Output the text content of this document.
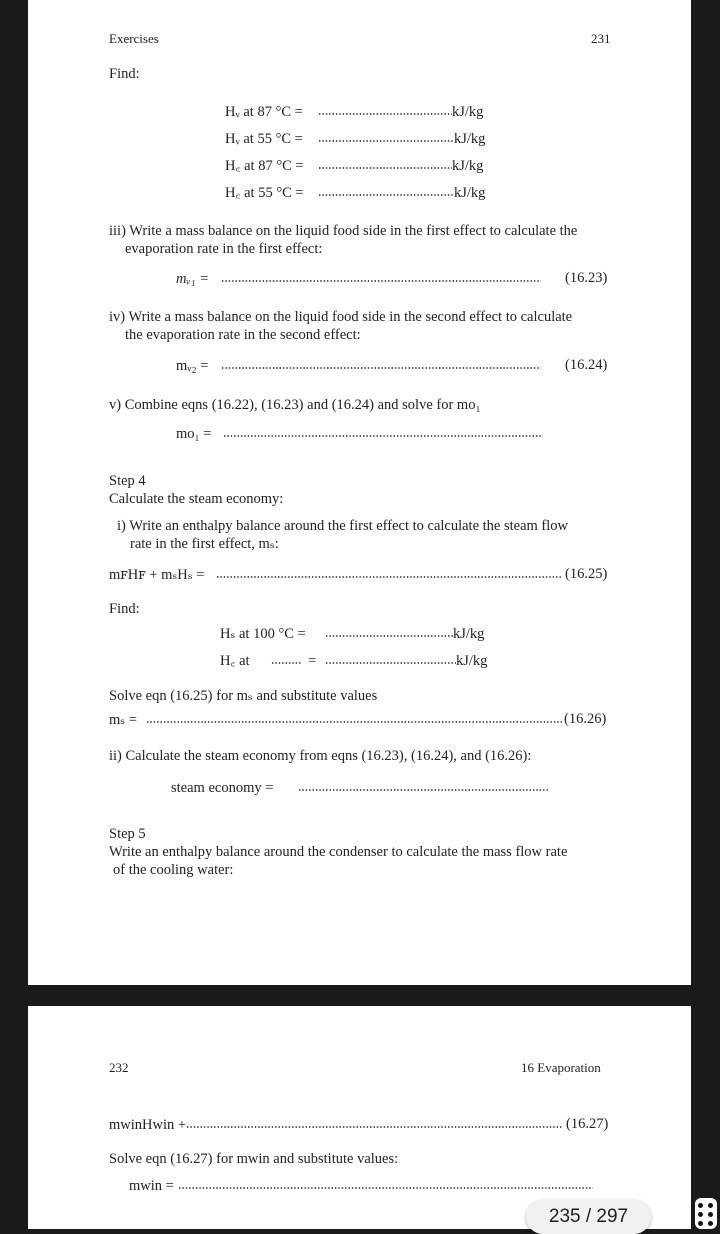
Exercises	231
Find:
Hᵥ at 87 °C =	kJ/kg
Hᵥ at 55 °C =	kJ/kg
H꜀ at 87 °C =	kJ/kg
H꜀ at 55 °C =	kJ/kg
iii) Write a mass balance on the liquid food side in the first effect to calculate the
evaporation rate in the first effect:
mᵥ₁ =	(16.23)
iv) Write a mass balance on the liquid food side in the second effect to calculate
the evaporation rate in the second effect:
mᵥ₂ =	(16.24)
v) Combine eqns (16.22), (16.23) and (16.24) and solve for mo₁
mo₁ =
Step 4
Calculate the steam economy:
i) Write an enthalpy balance around the first effect to calculate the steam flow
rate in the first effect, mₛ:
mꜰHꜰ + mₛHₛ =	(16.25)
Find:
Hₛ at 100 °C =	kJ/kg
H꜀ at	=	kJ/kg
Solve eqn (16.25) for mₛ and substitute values
mₛ =	(16.26)
ii) Calculate the steam economy from eqns (16.23), (16.24), and (16.26):
steam economy =
Step 5
Write an enthalpy balance around the condenser to calculate the mass flow rate
of the cooling water:
232	16 Evaporation
mwinHwin +	(16.27)
Solve eqn (16.27) for mwin and substitute values:
mwin =
235 / 297
